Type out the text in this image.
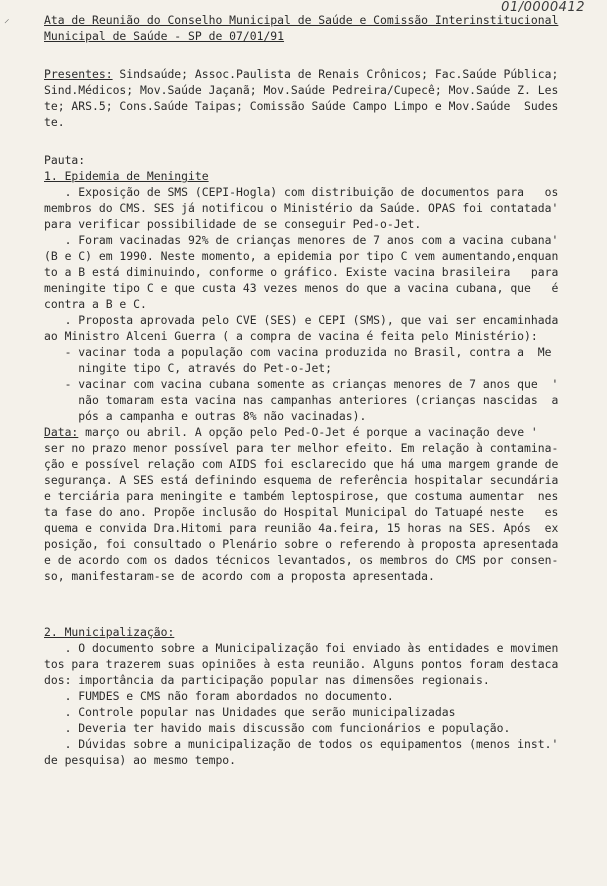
⸍
01/0000412
Ata de Reunião do Conselho Municipal de Saúde e Comissão Interinstitucional
Municipal de Saúde - SP de 07/01/91
Presentes: Sindsaúde; Assoc.Paulista de Renais Crônicos; Fac.Saúde Pública;
Sind.Médicos; Mov.Saúde Jaçanã; Mov.Saúde Pedreira/Cupecê; Mov.Saúde Z. Les
te; ARS.5; Cons.Saúde Taipas; Comissão Saúde Campo Limpo e Mov.Saúde  Sudes
te.
Pauta:
1. Epidemia de Meningite
. Exposição de SMS (CEPI-Hogla) com distribuição de documentos para   os
membros do CMS. SES já notificou o Ministério da Saúde. OPAS foi contatada'
para verificar possibilidade de se conseguir Ped-o-Jet.
. Foram vacinadas 92% de crianças menores de 7 anos com a vacina cubana'
(B e C) em 1990. Neste momento, a epidemia por tipo C vem aumentando,enquan
to a B está diminuindo, conforme o gráfico. Existe vacina brasileira   para
meningite tipo C e que custa 43 vezes menos do que a vacina cubana, que   é
contra a B e C.
. Proposta aprovada pelo CVE (SES) e CEPI (SMS), que vai ser encaminhada
ao Ministro Alceni Guerra ( a compra de vacina é feita pelo Ministério):
- vacinar toda a população com vacina produzida no Brasil, contra a  Me
ningite tipo C, através do Pet-o-Jet;
- vacinar com vacina cubana somente as crianças menores de 7 anos que  '
não tomaram esta vacina nas campanhas anteriores (crianças nascidas  a
pós a campanha e outras 8% não vacinadas).
Data: março ou abril. A opção pelo Ped-O-Jet é porque a vacinação deve '
ser no prazo menor possível para ter melhor efeito. Em relação à contamina-
ção e possível relação com AIDS foi esclarecido que há uma margem grande de
segurança. A SES está definindo esquema de referência hospitalar secundária
e terciária para meningite e também leptospirose, que costuma aumentar  nes
ta fase do ano. Propõe inclusão do Hospital Municipal do Tatuapé neste   es
quema e convida Dra.Hitomi para reunião 4a.feira, 15 horas na SES. Após  ex
posição, foi consultado o Plenário sobre o referendo à proposta apresentada
e de acordo com os dados técnicos levantados, os membros do CMS por consen-
so, manifestaram-se de acordo com a proposta apresentada.
2. Municipalização:
. O documento sobre a Municipalização foi enviado às entidades e movimen
tos para trazerem suas opiniões à esta reunião. Alguns pontos foram destaca
dos: importância da participação popular nas dimensões regionais.
. FUMDES e CMS não foram abordados no documento.
. Controle popular nas Unidades que serão municipalizadas
. Deveria ter havido mais discussão com funcionários e população.
. Dúvidas sobre a municipalização de todos os equipamentos (menos inst.'
de pesquisa) ao mesmo tempo.
